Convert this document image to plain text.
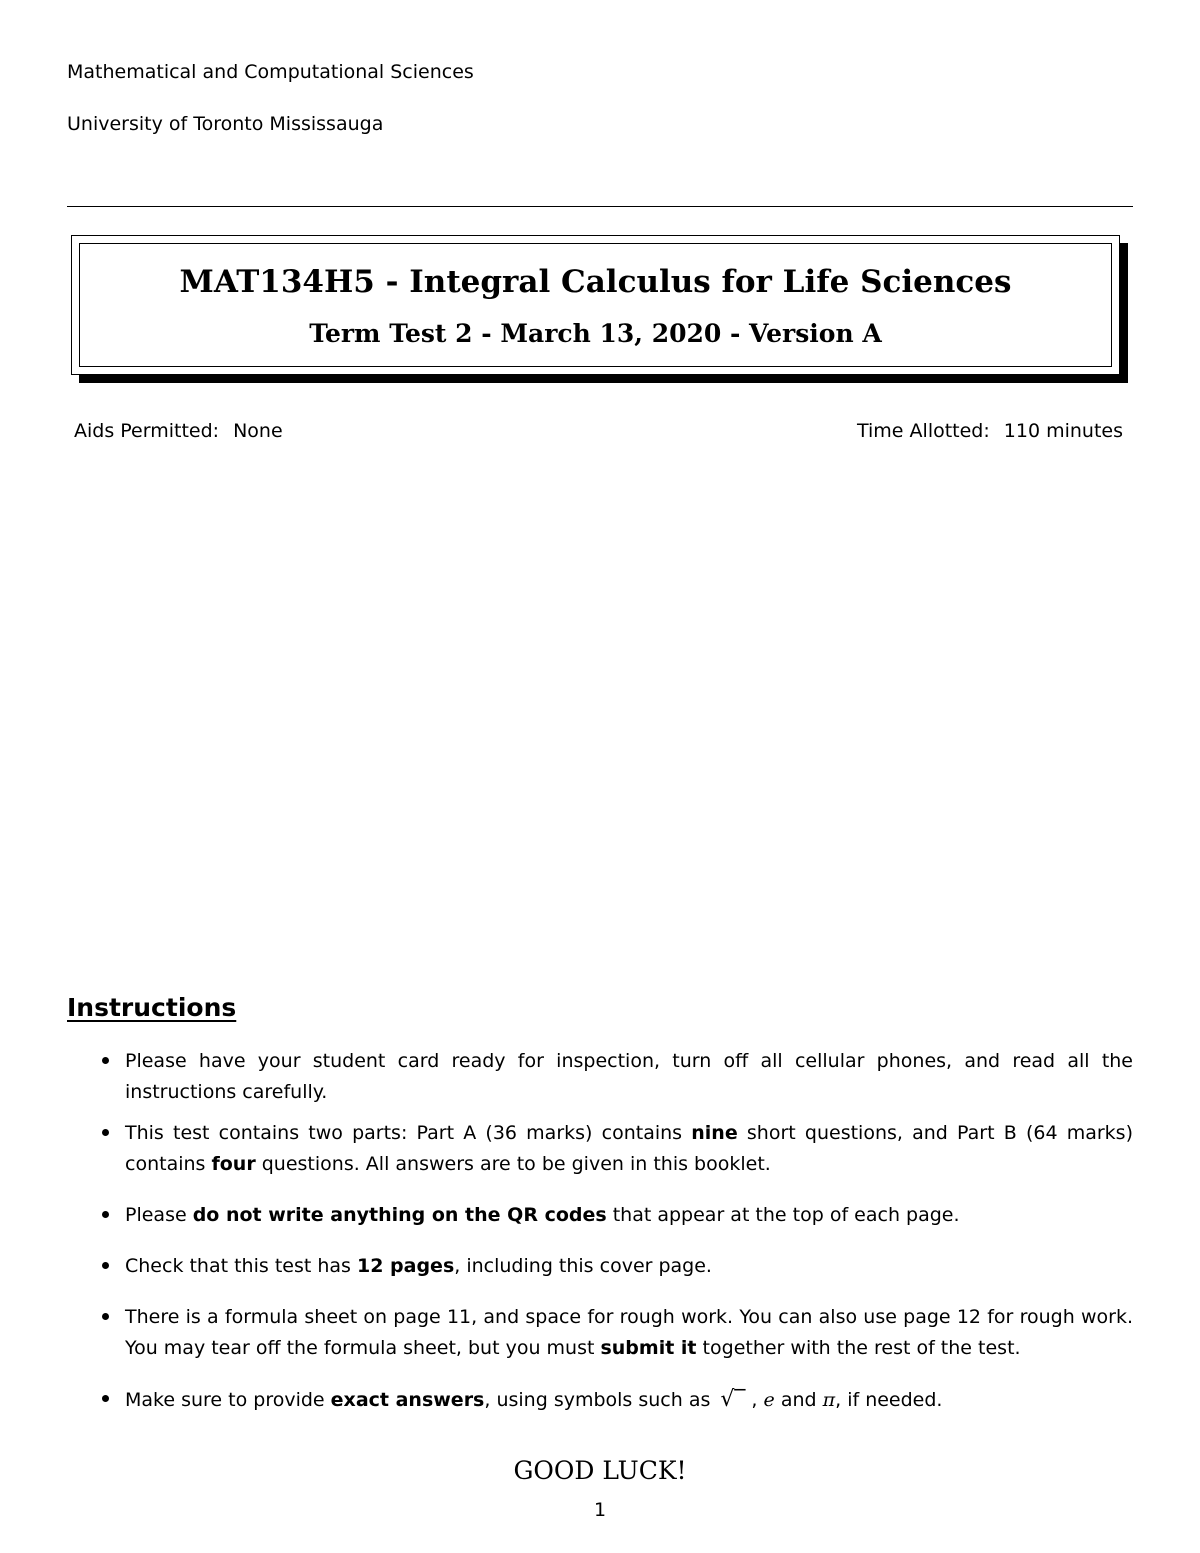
Mathematical and Computational Sciences
University of Toronto Mississauga
MAT134H5 - Integral Calculus for Life Sciences
Term Test 2 - March 13, 2020 - Version A
Aids Permitted: None	Time Allotted: 110 minutes
Instructions
Please have your student card ready for inspection, turn off all cellular phones, and read all the instructions carefully.
This test contains two parts: Part A (36 marks) contains nine short questions, and Part B (64 marks) contains four questions. All answers are to be given in this booklet.
Please do not write anything on the QR codes that appear at the top of each page.
Check that this test has 12 pages, including this cover page.
There is a formula sheet on page 11, and space for rough work. You can also use page 12 for rough work. You may tear off the formula sheet, but you must submit it together with the rest of the test.
Make sure to provide exact answers, using symbols such as √‾ , e and π, if needed.
GOOD LUCK!
1
